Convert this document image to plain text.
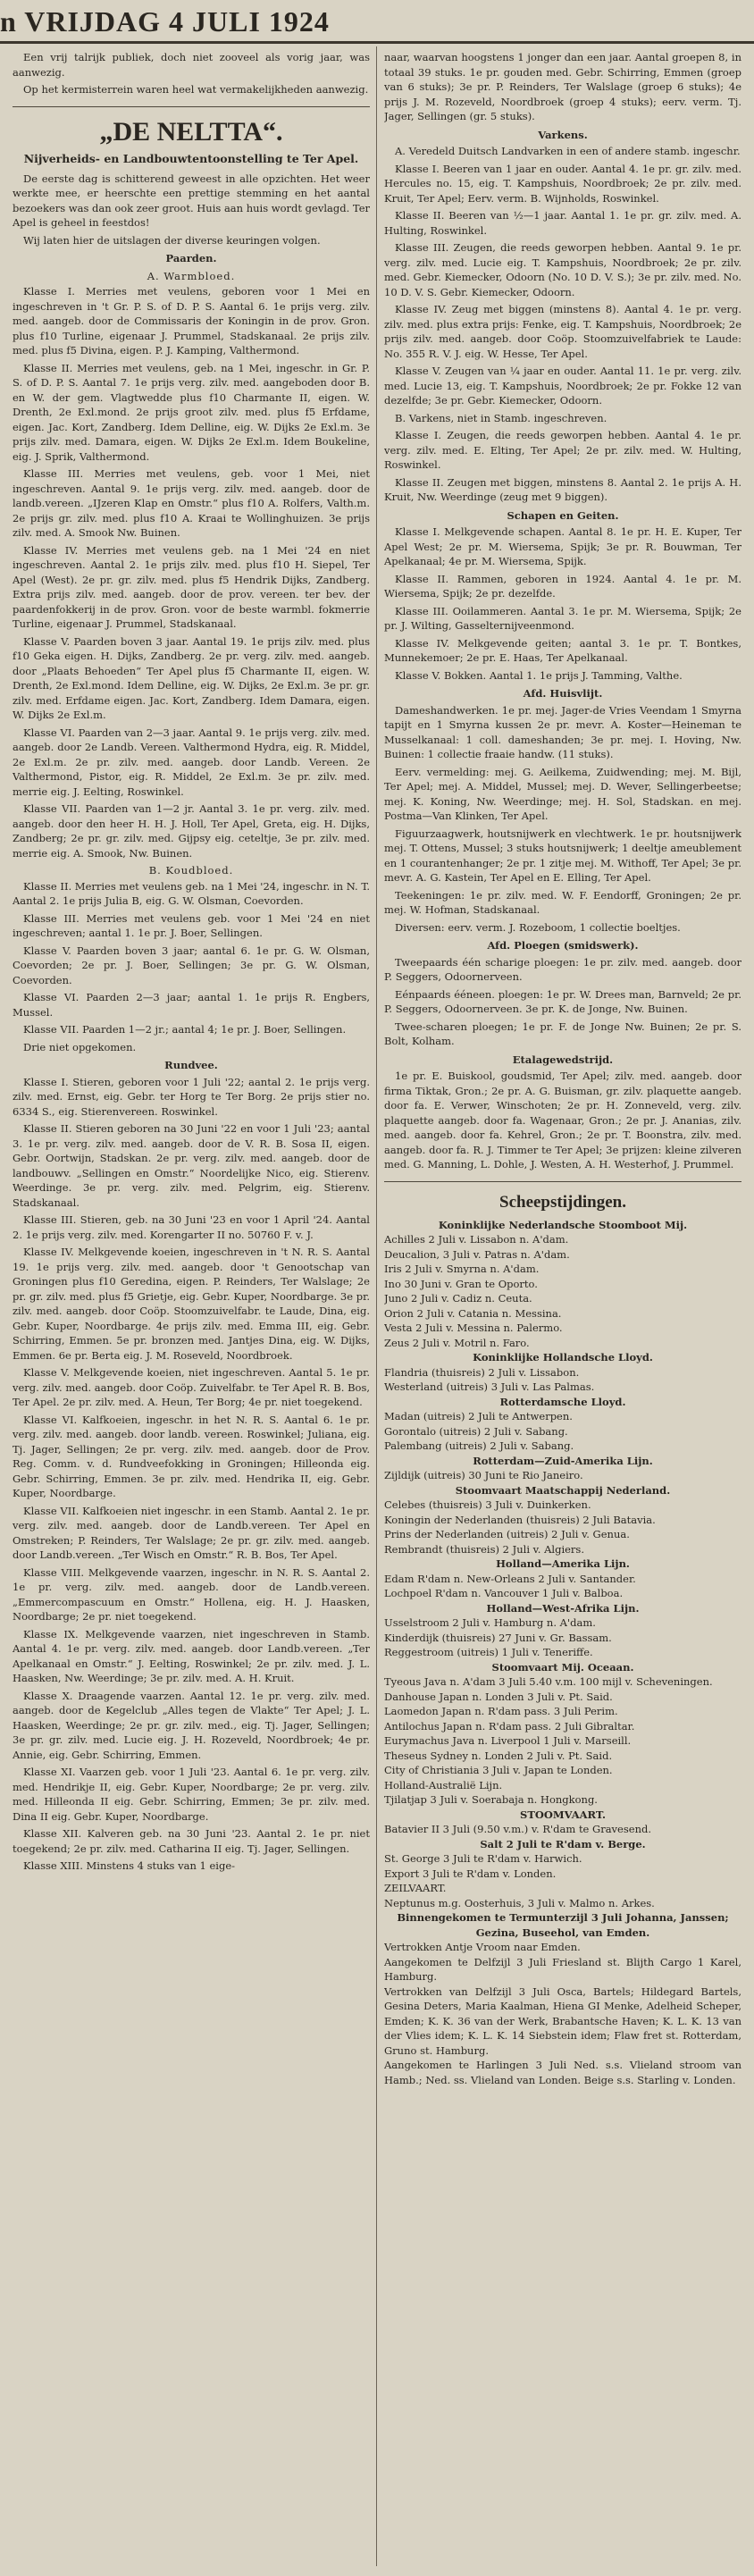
n VRIJDAG 4 JULI 1924

Een vrij talrijk publiek, doch niet zooveel als vorig jaar, was aanwezig.

Op het kermisterrein waren heel wat vermakelijkheden aanwezig.

„DE NELTTA“.
Nijverheids- en Landbouwtentoonstelling te Ter Apel.

De eerste dag is schitterend geweest in alle opzichten. Het weer werkte mee, er heerschte een prettige stemming en het aantal bezoekers was dan ook zeer groot. Huis aan huis wordt gevlagd. Ter Apel is geheel in feestdos!

Wij laten hier de uitslagen der diverse keuringen volgen.

Paarden.
A. Warmbloed.

Klasse I. Merries met veulens, geboren voor 1 Mei en ingeschreven in 't Gr. P. S. of D. P. S. Aantal 6. 1e prijs verg. zilv. med. aangeb. door de Commissaris der Koningin in de prov. Gron. plus f10 Turline, eigenaar J. Prummel, Stadskanaal. 2e prijs zilv. med. plus f5 Divina, eigen. P. J. Kamping, Valthermond.

Klasse II. Merries met veulens, geb. na 1 Mei, ingeschr. in Gr. P. S. of D. P. S. Aantal 7. 1e prijs verg. zilv. med. aangeboden door B. en W. der gem. Vlagtwedde plus f10 Charmante II, eigen. W. Drenth, 2e Exl.mond. 2e prijs groot zilv. med. plus f5 Erfdame, eigen. Jac. Kort, Zandberg. Idem Delline, eig. W. Dijks 2e Exl.m. 3e prijs zilv. med. Damara, eigen. W. Dijks 2e Exl.m. Idem Boukeline, eig. J. Sprik, Valthermond.

Klasse III. Merries met veulens, geb. voor 1 Mei, niet ingeschreven. Aantal 9. 1e prijs verg. zilv. med. aangeb. door de landb.vereen. „IJzeren Klap en Omstr.“ plus f10 A. Rolfers, Valth.m. 2e prijs gr. zilv. med. plus f10 A. Kraai te Wollinghuizen. 3e prijs zilv. med. A. Smook Nw. Buinen.

Klasse IV. Merries met veulens geb. na 1 Mei '24 en niet ingeschreven. Aantal 2. 1e prijs zilv. med. plus f10 H. Siepel, Ter Apel (West). 2e pr. gr. zilv. med. plus f5 Hendrik Dijks, Zandberg. Extra prijs zilv. med. aangeb. door de prov. vereen. ter bev. der paardenfokkerij in de prov. Gron. voor de beste warmbl. fokmerrie Turline, eigenaar J. Prummel, Stadskanaal.

Klasse V. Paarden boven 3 jaar. Aantal 19. 1e prijs zilv. med. plus f10 Geka eigen. H. Dijks, Zandberg. 2e pr. verg. zilv. med. aangeb. door „Plaats Behoeden“ Ter Apel plus f5 Charmante II, eigen. W. Drenth, 2e Exl.mond. Idem Delline, eig. W. Dijks, 2e Exl.m. 3e pr. gr. zilv. med. Erfdame eigen. Jac. Kort, Zandberg. Idem Damara, eigen. W. Dijks 2e Exl.m.

Klasse VI. Paarden van 2—3 jaar. Aantal 9. 1e prijs verg. zilv. med. aangeb. door 2e Landb. Vereen. Valthermond Hydra, eig. R. Middel, 2e Exl.m. 2e pr. zilv. med. aangeb. door Landb. Vereen. 2e Valthermond, Pistor, eig. R. Middel, 2e Exl.m. 3e pr. zilv. med. merrie eig. J. Eelting, Roswinkel.

Klasse VII. Paarden van 1—2 jr. Aantal 3. 1e pr. verg. zilv. med. aangeb. door den heer H. H. J. Holl, Ter Apel, Greta, eig. H. Dijks, Zandberg; 2e pr. gr. zilv. med. Gijpsy eig. ceteltje, 3e pr. zilv. med. merrie eig. A. Smook, Nw. Buinen.

B. Koudbloed.

Klasse II. Merries met veulens geb. na 1 Mei '24, ingeschr. in N. T. Aantal 2. 1e prijs Julia B, eig. G. W. Olsman, Coevorden.

Klasse III. Merries met veulens geb. voor 1 Mei '24 en niet ingeschreven; aantal 1. 1e pr. J. Boer, Sellingen.

Klasse V. Paarden boven 3 jaar; aantal 6. 1e pr. G. W. Olsman, Coevorden; 2e pr. J. Boer, Sellingen; 3e pr. G. W. Olsman, Coevorden.

Klasse VI. Paarden 2—3 jaar; aantal 1. 1e prijs R. Engbers, Mussel.

Klasse VII. Paarden 1—2 jr.; aantal 4; 1e pr. J. Boer, Sellingen.

Drie niet opgekomen.

Rundvee.

Klasse I. Stieren, geboren voor 1 Juli '22; aantal 2. 1e prijs verg. zilv. med. Ernst, eig. Gebr. ter Horg te Ter Borg. 2e prijs stier no. 6334 S., eig. Stierenvereen. Roswinkel.

Klasse II. Stieren geboren na 30 Juni '22 en voor 1 Juli '23; aantal 3. 1e pr. verg. zilv. med. aangeb. door de V. R. B. Sosa II, eigen. Gebr. Oortwijn, Stadskan. 2e pr. verg. zilv. med. aangeb. door de landbouwv. „Sellingen en Omstr.“ Noordelijke Nico, eig. Stierenv. Weerdinge. 3e pr. verg. zilv. med. Pelgrim, eig. Stierenv. Stadskanaal.

Klasse III. Stieren, geb. na 30 Juni '23 en voor 1 April '24. Aantal 2. 1e prijs verg. zilv. med. Korengarter II no. 50760 F. v. J.

Klasse IV. Melkgevende koeien, ingeschreven in 't N. R. S. Aantal 19. 1e prijs verg. zilv. med. aangeb. door 't Genootschap van Groningen plus f10 Geredina, eigen. P. Reinders, Ter Walslage; 2e pr. gr. zilv. med. plus f5 Grietje, eig. Gebr. Kuper, Noordbarge. 3e pr. zilv. med. aangeb. door Coöp. Stoomzuivelfabr. te Laude, Dina, eig. Gebr. Kuper, Noordbarge. 4e prijs zilv. med. Emma III, eig. Gebr. Schirring, Emmen. 5e pr. bronzen med. Jantjes Dina, eig. W. Dijks, Emmen. 6e pr. Berta eig. J. M. Roseveld, Noordbroek.

Klasse V. Melkgevende koeien, niet ingeschreven. Aantal 5. 1e pr. verg. zilv. med. aangeb. door Coöp. Zuivelfabr. te Ter Apel R. B. Bos, Ter Apel. 2e pr. zilv. med. A. Heun, Ter Borg; 4e pr. niet toegekend.

Klasse VI. Kalfkoeien, ingeschr. in het N. R. S. Aantal 6. 1e pr. verg. zilv. med. aangeb. door landb. vereen. Roswinkel; Juliana, eig. Tj. Jager, Sellingen; 2e pr. verg. zilv. med. aangeb. door de Prov. Reg. Comm. v. d. Rundveefokking in Groningen; Hilleonda eig. Gebr. Schirring, Emmen. 3e pr. zilv. med. Hendrika II, eig. Gebr. Kuper, Noordbarge.

Klasse VII. Kalfkoeien niet ingeschr. in een Stamb. Aantal 2. 1e pr. verg. zilv. med. aangeb. door de Landb.vereen. Ter Apel en Omstreken; P. Reinders, Ter Walslage; 2e pr. gr. zilv. med. aangeb. door Landb.vereen. „Ter Wisch en Omstr.“ R. B. Bos, Ter Apel.

Klasse VIII. Melkgevende vaarzen, ingeschr. in N. R. S. Aantal 2. 1e pr. verg. zilv. med. aangeb. door de Landb.vereen. „Emmercompascuum en Omstr.“ Hollena, eig. H. J. Haasken, Noordbarge; 2e pr. niet toegekend.

Klasse IX. Melkgevende vaarzen, niet ingeschreven in Stamb. Aantal 4. 1e pr. verg. zilv. med. aangeb. door Landb.vereen. „Ter Apelkanaal en Omstr.“ J. Eelting, Roswinkel; 2e pr. zilv. med. J. L. Haasken, Nw. Weerdinge; 3e pr. zilv. med. A. H. Kruit.

Klasse X. Draagende vaarzen. Aantal 12. 1e pr. verg. zilv. med. aangeb. door de Kegelclub „Alles tegen de Vlakte“ Ter Apel; J. L. Haasken, Weerdinge; 2e pr. gr. zilv. med., eig. Tj. Jager, Sellingen; 3e pr. gr. zilv. med. Lucie eig. J. H. Rozeveld, Noordbroek; 4e pr. Annie, eig. Gebr. Schirring, Emmen.

Klasse XI. Vaarzen geb. voor 1 Juli '23. Aantal 6. 1e pr. verg. zilv. med. Hendrikje II, eig. Gebr. Kuper, Noordbarge; 2e pr. verg. zilv. med. Hilleonda II eig. Gebr. Schirring, Emmen; 3e pr. zilv. med. Dina II eig. Gebr. Kuper, Noordbarge.

Klasse XII. Kalveren geb. na 30 Juni '23. Aantal 2. 1e pr. niet toegekend; 2e pr. zilv. med. Catharina II eig. Tj. Jager, Sellingen.

Klasse XIII. Minstens 4 stuks van 1 eige-

naar, waarvan hoogstens 1 jonger dan een jaar. Aantal groepen 8, in totaal 39 stuks. 1e pr. gouden med. Gebr. Schirring, Emmen (groep van 6 stuks); 3e pr. P. Reinders, Ter Walslage (groep 6 stuks); 4e prijs J. M. Rozeveld, Noordbroek (groep 4 stuks); eerv. verm. Tj. Jager, Sellingen (gr. 5 stuks).

Varkens.

A. Veredeld Duitsch Landvarken in een of andere stamb. ingeschr.

Klasse I. Beeren van 1 jaar en ouder. Aantal 4. 1e pr. gr. zilv. med. Hercules no. 15, eig. T. Kampshuis, Noordbroek; 2e pr. zilv. med. Kruit, Ter Apel; Eerv. verm. B. Wijnholds, Roswinkel.

Klasse II. Beeren van ½—1 jaar. Aantal 1. 1e pr. gr. zilv. med. A. Hulting, Roswinkel.

Klasse III. Zeugen, die reeds geworpen hebben. Aantal 9. 1e pr. verg. zilv. med. Lucie eig. T. Kampshuis, Noordbroek; 2e pr. zilv. med. Gebr. Kiemecker, Odoorn (No. 10 D. V. S.); 3e pr. zilv. med. No. 10 D. V. S. Gebr. Kiemecker, Odoorn.

Klasse IV. Zeug met biggen (minstens 8). Aantal 4. 1e pr. verg. zilv. med. plus extra prijs: Fenke, eig. T. Kampshuis, Noordbroek; 2e prijs zilv. med. aangeb. door Coöp. Stoomzuivelfabriek te Laude: No. 355 R. V. J. eig. W. Hesse, Ter Apel.

Klasse V. Zeugen van ¼ jaar en ouder. Aantal 11. 1e pr. verg. zilv. med. Lucie 13, eig. T. Kampshuis, Noordbroek; 2e pr. Fokke 12 van dezelfde; 3e pr. Gebr. Kiemecker, Odoorn.

B. Varkens, niet in Stamb. ingeschreven.

Klasse I. Zeugen, die reeds geworpen hebben. Aantal 4. 1e pr. verg. zilv. med. E. Elting, Ter Apel; 2e pr. zilv. med. W. Hulting, Roswinkel.

Klasse II. Zeugen met biggen, minstens 8. Aantal 2. 1e prijs A. H. Kruit, Nw. Weerdinge (zeug met 9 biggen).

Schapen en Geiten.

Klasse I. Melkgevende schapen. Aantal 8. 1e pr. H. E. Kuper, Ter Apel West; 2e pr. M. Wiersema, Spijk; 3e pr. R. Bouwman, Ter Apelkanaal; 4e pr. M. Wiersema, Spijk.

Klasse II. Rammen, geboren in 1924. Aantal 4. 1e pr. M. Wiersema, Spijk; 2e pr. dezelfde.

Klasse III. Ooilammeren. Aantal 3. 1e pr. M. Wiersema, Spijk; 2e pr. J. Wilting, Gasselternijveenmond.

Klasse IV. Melkgevende geiten; aantal 3. 1e pr. T. Bontkes, Munnekemoer; 2e pr. E. Haas, Ter Apelkanaal.

Klasse V. Bokken. Aantal 1. 1e prijs J. Tamming, Valthe.

Afd. Huisvlijt.

Dameshandwerken. 1e pr. mej. Jager-de Vries Veendam 1 Smyrna tapijt en 1 Smyrna kussen 2e pr. mevr. A. Koster—Heineman te Musselkanaal: 1 coll. dameshanden; 3e pr. mej. I. Hoving, Nw. Buinen: 1 collectie fraaie handw. (11 stuks).

Eerv. vermelding: mej. G. Aeilkema, Zuidwending; mej. M. Bijl, Ter Apel; mej. A. Middel, Mussel; mej. D. Wever, Sellingerbeetse; mej. K. Koning, Nw. Weerdinge; mej. H. Sol, Stadskan. en mej. Postma—Van Klinken, Ter Apel.

Figuurzaagwerk, houtsnijwerk en vlechtwerk. 1e pr. houtsnijwerk mej. T. Ottens, Mussel; 3 stuks houtsnijwerk; 1 deeltje ameublement en 1 courantenhanger; 2e pr. 1 zitje mej. M. Withoff, Ter Apel; 3e pr. mevr. A. G. Kastein, Ter Apel en E. Elling, Ter Apel.

Teekeningen: 1e pr. zilv. med. W. F. Eendorff, Groningen; 2e pr. mej. W. Hofman, Stadskanaal.

Diversen: eerv. verm. J. Rozeboom, 1 collectie boeltjes.

Afd. Ploegen (smidswerk).

Tweepaards één scharige ploegen: 1e pr. zilv. med. aangeb. door P. Seggers, Odoornerveen.

Eénpaards ééneen. ploegen: 1e pr. W. Drees man, Barnveld; 2e pr. P. Seggers, Odoornerveen. 3e pr. K. de Jonge, Nw. Buinen.

Twee-scharen ploegen; 1e pr. F. de Jonge Nw. Buinen; 2e pr. S. Bolt, Kolham.

Etalagewedstrijd.

1e pr. E. Buiskool, goudsmid, Ter Apel; zilv. med. aangeb. door firma Tiktak, Gron.; 2e pr. A. G. Buisman, gr. zilv. plaquette aangeb. door fa. E. Verwer, Winschoten; 2e pr. H. Zonneveld, verg. zilv. plaquette aangeb. door fa. Wagenaar, Gron.; 2e pr. J. Ananias, zilv. med. aangeb. door fa. Kehrel, Gron.; 2e pr. T. Boonstra, zilv. med. aangeb. door fa. R. J. Timmer te Ter Apel; 3e prijzen: kleine zilveren med. G. Manning, L. Dohle, J. Westen, A. H. Westerhof, J. Prummel.

Scheepstijdingen.
Koninklijke Nederlandsche Stoomboot Mij.
Achilles 2 Juli v. Lissabon n. A'dam.
Deucalion, 3 Juli v. Patras n. A'dam.
Iris 2 Juli v. Smyrna n. A'dam.
Ino 30 Juni v. Gran te Oporto.
Juno 2 Juli v. Cadiz n. Ceuta.
Orion 2 Juli v. Catania n. Messina.
Vesta 2 Juli v. Messina n. Palermo.
Zeus 2 Juli v. Motril n. Faro.
Koninklijke Hollandsche Lloyd.
Flandria (thuisreis) 2 Juli v. Lissabon.
Westerland (uitreis) 3 Juli v. Las Palmas.
Rotterdamsche Lloyd.
Madan (uitreis) 2 Juli te Antwerpen.
Gorontalo (uitreis) 2 Juli v. Sabang.
Palembang (uitreis) 2 Juli v. Sabang.
Rotterdam—Zuid-Amerika Lijn.
Zijldijk (uitreis) 30 Juni te Rio Janeiro.
Stoomvaart Maatschappij Nederland.
Celebes (thuisreis) 3 Juli v. Duinkerken.
Koningin der Nederlanden (thuisreis) 2 Juli Batavia.
Prins der Nederlanden (uitreis) 2 Juli v. Genua.
Rembrandt (thuisreis) 2 Juli v. Algiers.
Holland—Amerika Lijn.
Edam R'dam n. New-Orleans 2 Juli v. Santander.
Lochpoel R'dam n. Vancouver 1 Juli v. Balboa.
Holland—West-Afrika Lijn.
Usselstroom 2 Juli v. Hamburg n. A'dam.
Kinderdijk (thuisreis) 27 Juni v. Gr. Bassam.
Reggestroom (uitreis) 1 Juli v. Teneriffe.
Stoomvaart Mij. Oceaan.
Tyeous Java n. A'dam 3 Juli 5.40 v.m. 100 mijl v. Scheveningen.
Danhouse Japan n. Londen 3 Juli v. Pt. Said.
Laomedon Japan n. R'dam pass. 3 Juli Perim.
Antilochus Japan n. R'dam pass. 2 Juli Gibraltar.
Eurymachus Java n. Liverpool 1 Juli v. Marseill.
Theseus Sydney n. Londen 2 Juli v. Pt. Said.
City of Christiania 3 Juli v. Japan te Londen.
Holland-Australië Lijn.
Tjilatjap 3 Juli v. Soerabaja n. Hongkong.
STOOMVAART.
Batavier II 3 Juli (9.50 v.m.) v. R'dam te Gravesend.
Salt 2 Juli te R'dam v. Berge.
St. George 3 Juli te R'dam v. Harwich.
Export 3 Juli te R'dam v. Londen.
ZEILVAART.
Neptunus m.g. Oosterhuis, 3 Juli v. Malmo n. Arkes.
Binnengekomen te Termunterzijl 3 Juli Johanna, Janssen; Gezina, Buseehol, van Emden.
Vertrokken Antje Vroom naar Emden.
Aangekomen te Delfzijl 3 Juli Friesland st. Blijth Cargo 1 Karel, Hamburg.
Vertrokken van Delfzijl 3 Juli Osca, Bartels; Hildegard Bartels, Gesina Deters, Maria Kaalman, Hiena GI Menke, Adelheid Scheper, Emden; K. K. 36 van der Werk, Brabantsche Haven; K. L. K. 13 van der Vlies idem; K. L. K. 14 Siebstein idem; Flaw fret st. Rotterdam, Gruno st. Hamburg.
Aangekomen te Harlingen 3 Juli Ned. s.s. Vlieland stroom van Hamb.; Ned. ss. Vlieland van Londen. Beige s.s. Starling v. Londen.
